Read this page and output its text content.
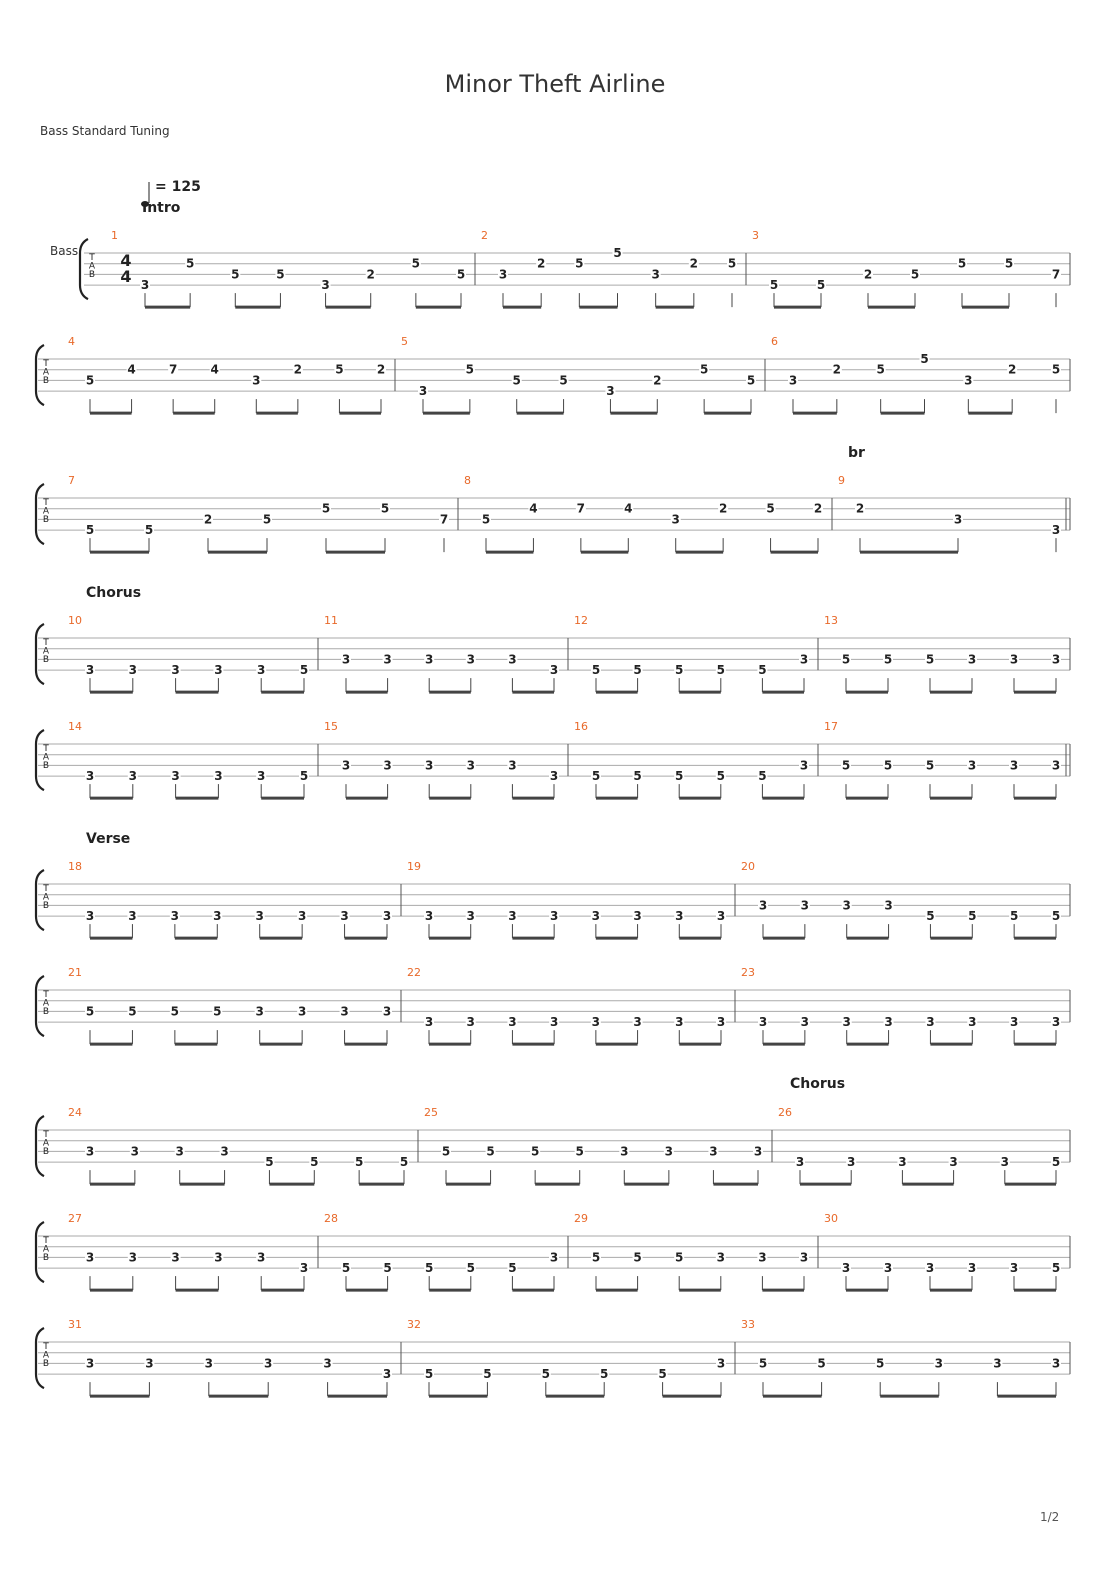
Minor Theft Airline
Bass Standard Tuning
= 125
1/2
T
A
B
1
3
5
5	5
3
2
5
5
2
3
2 5
5
3
2 5
3
5	5
2	5
5	5
7
T
A
B
4
5
4	7	4
3
2	5	2
5
3
5
5	5
3
2
5
5
6
3
2	5
5
3
2	5
T
A
B
7
5	5
2	5
5	5
7
8
5
4	7	4
3
2	5	2
9
2
3
3
T
A
B
10
3	3	3	3	3	5
11
3	3	3	3	3
3
12
5	5	5	5	5
3
13
5	5	5	3	3	3
T
A
B
14
3	3	3	3	3	5
15
3	3	3	3	3
3
16
5	5	5	5	5
3
17
5	5	5	3	3	3
T
A
B
18
3	3	3	3	3	3	3	3
19
3	3	3	3	3	3	3	3
20
3	3	3	3
5	5	5	5
T
A
B
21
5	5	5	5	3	3	3	3
22
3	3	3	3	3	3	3	3
23
3	3	3	3	3	3	3	3
T
A
B
24
3	3	3	3
5	5	5	5
25
5	5	5	5	3	3	3	3
26
3	3	3	3	3	5
T
A
B
27
3	3	3	3	3
3
28
5	5	5	5	5
3
29
5	5	5	3	3	3
30
3	3	3	3	3	5
T
A
B
31
3	3	3	3	3
3
32
5	5	5	5	5
3
33
5	5	5	3	3	3
4
4
Bass
Intro
br
Chorus
Verse
Chorus
